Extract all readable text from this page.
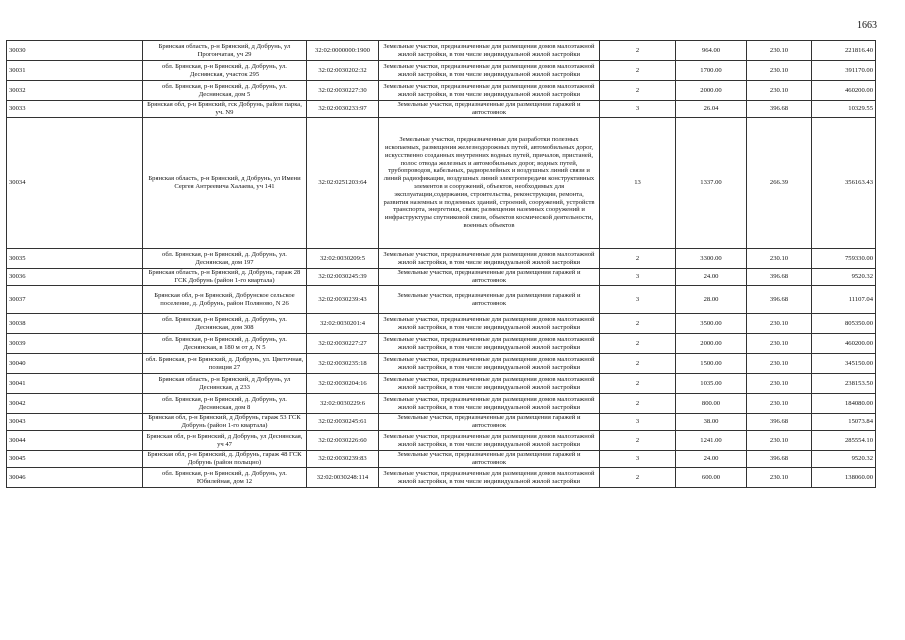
1663
30030	Брянская область, р-н Брянский, д Добрунь, ул Прогончатая, уч 29	32:02:0000000:1900	Земельные участки, предназначенные для размещения домов малоэтажной жилой застройки, в том числе индивидуальной жилой застройки	2	964.00	230.10	221816.40
30031	обл. Брянская, р-н Брянский, д. Добрунь, ул. Деснянская, участок 295	32:02:0030202:32	Земельные участки, предназначенные для размещения домов малоэтажной жилой застройки, в том числе индивидуальной жилой застройки	2	1700.00	230.10	391170.00
30032	обл. Брянская, р-н Брянский, д. Добрунь, ул. Деснянская, дом 5	32:02:0030227:30	Земельные участки, предназначенные для размещения домов малоэтажной жилой застройки, в том числе индивидуальной жилой застройки	2	2000.00	230.10	460200.00
30033	Брянская обл, р-н Брянский, гск Добрунь, район парка, уч. N9	32:02:0030233:97	Земельные участки, предназначенные для размещения гаражей и автостоянок	3	26.04	396.68	10329.55
30034	Брянская область, р-н Брянский, д Добрунь, ул Имени Сергея Антреевича Халаева, уч 141	32:02:0251203:64	Земельные участки, предназначенные для разработки полезных ископаемых, размещения железнодорожных путей, автомобильных дорог, искусственно созданных внутренних водных путей, причалов, пристаней, полос отвода железных и автомобильных дорог, водных путей, трубопроводов, кабельных, радиорелейных и воздушных линий связи и линий радиофикации, воздушных линий электропередачи конструктивных элементов и сооружений, объектов, необходимых для эксплуатации,содержания, строительства, реконструкции, ремонта, развития наземных и подземных зданий, строений, сооружений, устройств транспорта, энергетики, связи; размещения наземных сооружений и инфраструктуры спутниковой связи, объектов космической деятельности, военных объектов	13	1337.00	266.39	356163.43
30035	обл. Брянская, р-н Брянский, д. Добрунь, ул. Деснянская, дом 197	32:02:0030209:5	Земельные участки, предназначенные для размещения домов малоэтажной жилой застройки, в том числе индивидуальной жилой застройки	2	3300.00	230.10	759330.00
30036	Брянская область, р-н Брянский, д. Добрунь, гараж 28 ГСК Добрунь (район 1-го квартала)	32:02:0030245:39	Земельные участки, предназначенные для размещения гаражей и автостоянок	3	24.00	396.68	9520.32
30037	Брянская обл, р-н Брянский, Добрунское сельское поселение, д. Добрунь, район Поляново, N 26	32:02:0030239:43	Земельные участки, предназначенные для размещения гаражей и автостоянок	3	28.00	396.68	11107.04
30038	обл. Брянская, р-н Брянский, д. Добрунь, ул. Деснянская, дом 308	32:02:0030201:4	Земельные участки, предназначенные для размещения домов малоэтажной жилой застройки, в том числе индивидуальной жилой застройки	2	3500.00	230.10	805350.00
30039	обл. Брянская, р-н Брянский, д. Добрунь, ул. Деснянская, в 180 м от д. N 5	32:02:0030227:27	Земельные участки, предназначенные для размещения домов малоэтажной жилой застройки, в том числе индивидуальной жилой застройки	2	2000.00	230.10	460200.00
30040	обл. Брянская, р-н Брянский, д. Добрунь, ул. Цветочная, позиция 27	32:02:0030235:18	Земельные участки, предназначенные для размещения домов малоэтажной жилой застройки, в том числе индивидуальной жилой застройки	2	1500.00	230.10	345150.00
30041	Брянская область, р-н Брянский, д Добрунь, ул Деснянская, д 233	32:02:0030204:16	Земельные участки, предназначенные для размещения домов малоэтажной жилой застройки, в том числе индивидуальной жилой застройки	2	1035.00	230.10	238153.50
30042	обл. Брянская, р-н Брянский, д. Добрунь, ул. Деснянская, дом 8	32:02:0030229:6	Земельные участки, предназначенные для размещения домов малоэтажной жилой застройки, в том числе индивидуальной жилой застройки	2	800.00	230.10	184080.00
30043	Брянская обл, р-н Брянский, д Добрунь, гараж 53 ГСК Добрунь (район 1-го квартала)	32:02:0030245:61	Земельные участки, предназначенные для размещения гаражей и автостоянок	3	38.00	396.68	15073.84
30044	Брянская обл, р-н Брянский, д Добрунь, ул Деснянская, уч 47	32:02:0030226:60	Земельные участки, предназначенные для размещения домов малоэтажной жилой застройки, в том числе индивидуальной жилой застройки	2	1241.00	230.10	285554.10
30045	Брянская обл, р-н Брянский, д. Добрунь, гараж 48 ГСК Добрунь (район полыцно)	32:02:0030239:83	Земельные участки, предназначенные для размещения гаражей и автостоянок	3	24.00	396.68	9520.32
30046	обл. Брянская, р-н Брянский, д. Добрунь, ул. Юбилейная, дом 12	32:02:0030248:114	Земельные участки, предназначенные для размещения домов малоэтажной жилой застройки, в том числе индивидуальной жилой застройки	2	600.00	230.10	138060.00
